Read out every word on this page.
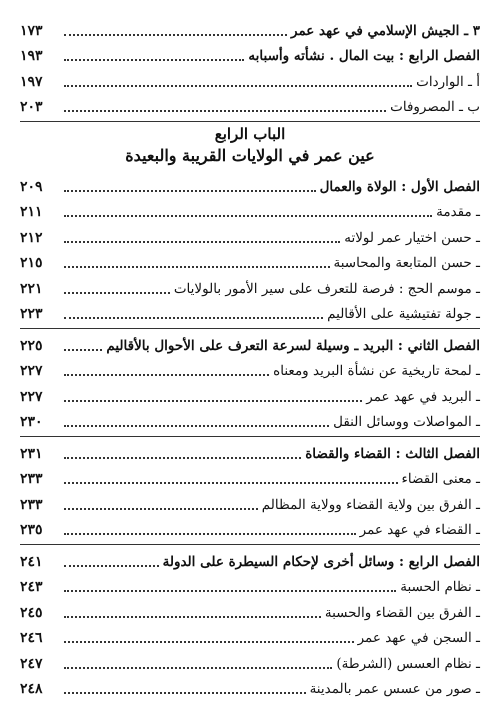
٣ ـ الجيش الإسلامي في عهد عمر
١٧٣
الفصل الرابع : بيت المال . نشأته وأسبابه
١٩٣
أ ـ الواردات
١٩٧
ب ـ المصروفات
٢٠٣
الباب الرابع
عين عمر في الولايات القريبة والبعيدة
الفصل الأول : الولاة والعمال
٢٠٩
ـ مقدمة
٢١١
ـ حسن اختيار عمر لولاته
٢١٢
ـ حسن المتابعة والمحاسبة
٢١٥
ـ موسم الحج : فرصة للتعرف على سير الأمور بالولايات
٢٢١
ـ جولة تفتيشية على الأقاليم
٢٢٣
الفصل الثاني : البريد ـ وسيلة لسرعة التعرف على الأحوال بالأقاليم
٢٢٥
ـ لمحة تاريخية عن نشأة البريد ومعناه
٢٢٧
ـ البريد في عهد عمر
٢٢٧
ـ المواصلات ووسائل النقل
٢٣٠
الفصل الثالث : القضاء والقضاة
٢٣١
ـ معنى القضاء
٢٣٣
ـ الفرق بين ولاية القضاء وولاية المظالم
٢٣٣
ـ القضاء في عهد عمر
٢٣٥
الفصل الرابع : وسائل أخرى لإحكام السيطرة على الدولة
٢٤١
ـ نظام الحسبة
٢٤٣
ـ الفرق بين القضاء والحسبة
٢٤٥
ـ السجن في عهد عمر
٢٤٦
ـ نظام العسس (الشرطة)
٢٤٧
ـ صور من عسس عمر بالمدينة
٢٤٨
